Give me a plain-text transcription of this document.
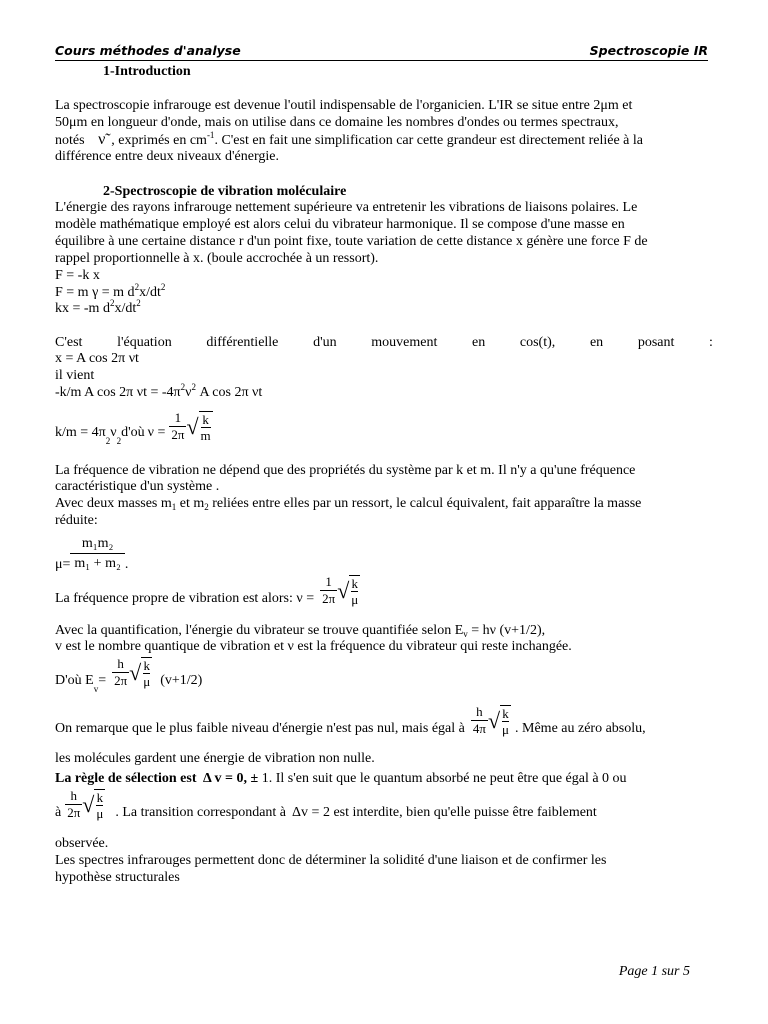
Cours méthodes d'analyse	Spectroscopie IR
1-Introduction
La spectroscopie infrarouge est devenue l'outil indispensable de l'organicien. L'IR se situe entre 2μm et
50μm en longueur d'onde, mais on utilise dans ce domaine les nombres d'ondes ou termes spectraux,
notés ν̃ , exprimés en $cm^{-1}$. C'est en fait une simplification car cette grandeur est directement reliée à la
différence entre deux niveaux d'énergie.
2-Spectroscopie de vibration moléculaire
L'énergie des rayons infrarouge nettement supérieure va entretenir les vibrations de liaisons polaires. Le
modèle mathématique employé est alors celui du vibrateur harmonique. Il se compose d'une masse en
équilibre à une certaine distance r d'un point fixe, toute variation de cette distance x génère une force F de
rappel proportionnelle à x. (boule accrochée à un ressort).
F = -k x
F = m γ = m $d^2x/dt^2$
kx = -m $d^2x/dt^2$
C'est l'équation différentielle d'un mouvement en cos(t), en posant :
x = A cos 2π νt
il vient
-k/m A cos 2π $\nu t = -4\pi^2\nu^2$ A cos 2π νt
k/m = 4π
2
ν
2
d'où $\nu = \frac{1}{2\pi}$ √ k
m
La fréquence de vibration ne dépend que des propriétés du système par k et m. Il n'y a qu'une fréquence
caractéristique d'un système .
Avec deux masses $m_1$ et $m_2$ reliées entre elles par un ressort, le calcul équivalent, fait apparaître la masse
réduite:
$\mu= \frac{\text{m₁m₂}}{\text{m₁ + m₂}}$ .
La fréquence propre de vibration est alors:
$\nu = \frac{1}{2\pi}$ √ k
μ
Avec la quantification, l'énergie du vibrateur se trouve quantifiée selon $E_v = h\nu$ (v+1/2),
v est le nombre quantique de vibration et ν est la fréquence du vibrateur qui reste inchangée.
D'où E
v
= $\frac{h}{2\pi}$ √ k
μ (v+1/2)
On remarque que le plus faible niveau d'énergie n'est pas nul, mais égal à $\frac{h}{4\pi}$ √ k
μ . Même au zéro absolu,
les molécules gardent une énergie de vibration non nulle.
La règle de sélection est Δ v = 0, ± 1. Il s'en suit que le quantum absorbé ne peut être que égal à 0 ou
à $\frac{h}{2\pi}$ √ k
μ . La transition correspondant à Δ v = 2 est interdite, bien qu'elle puisse être faiblement
observée.
Les spectres infrarouges permettent donc de déterminer la solidité d'une liaison et de confirmer les
hypothèse structurales
Page 1 sur 5
